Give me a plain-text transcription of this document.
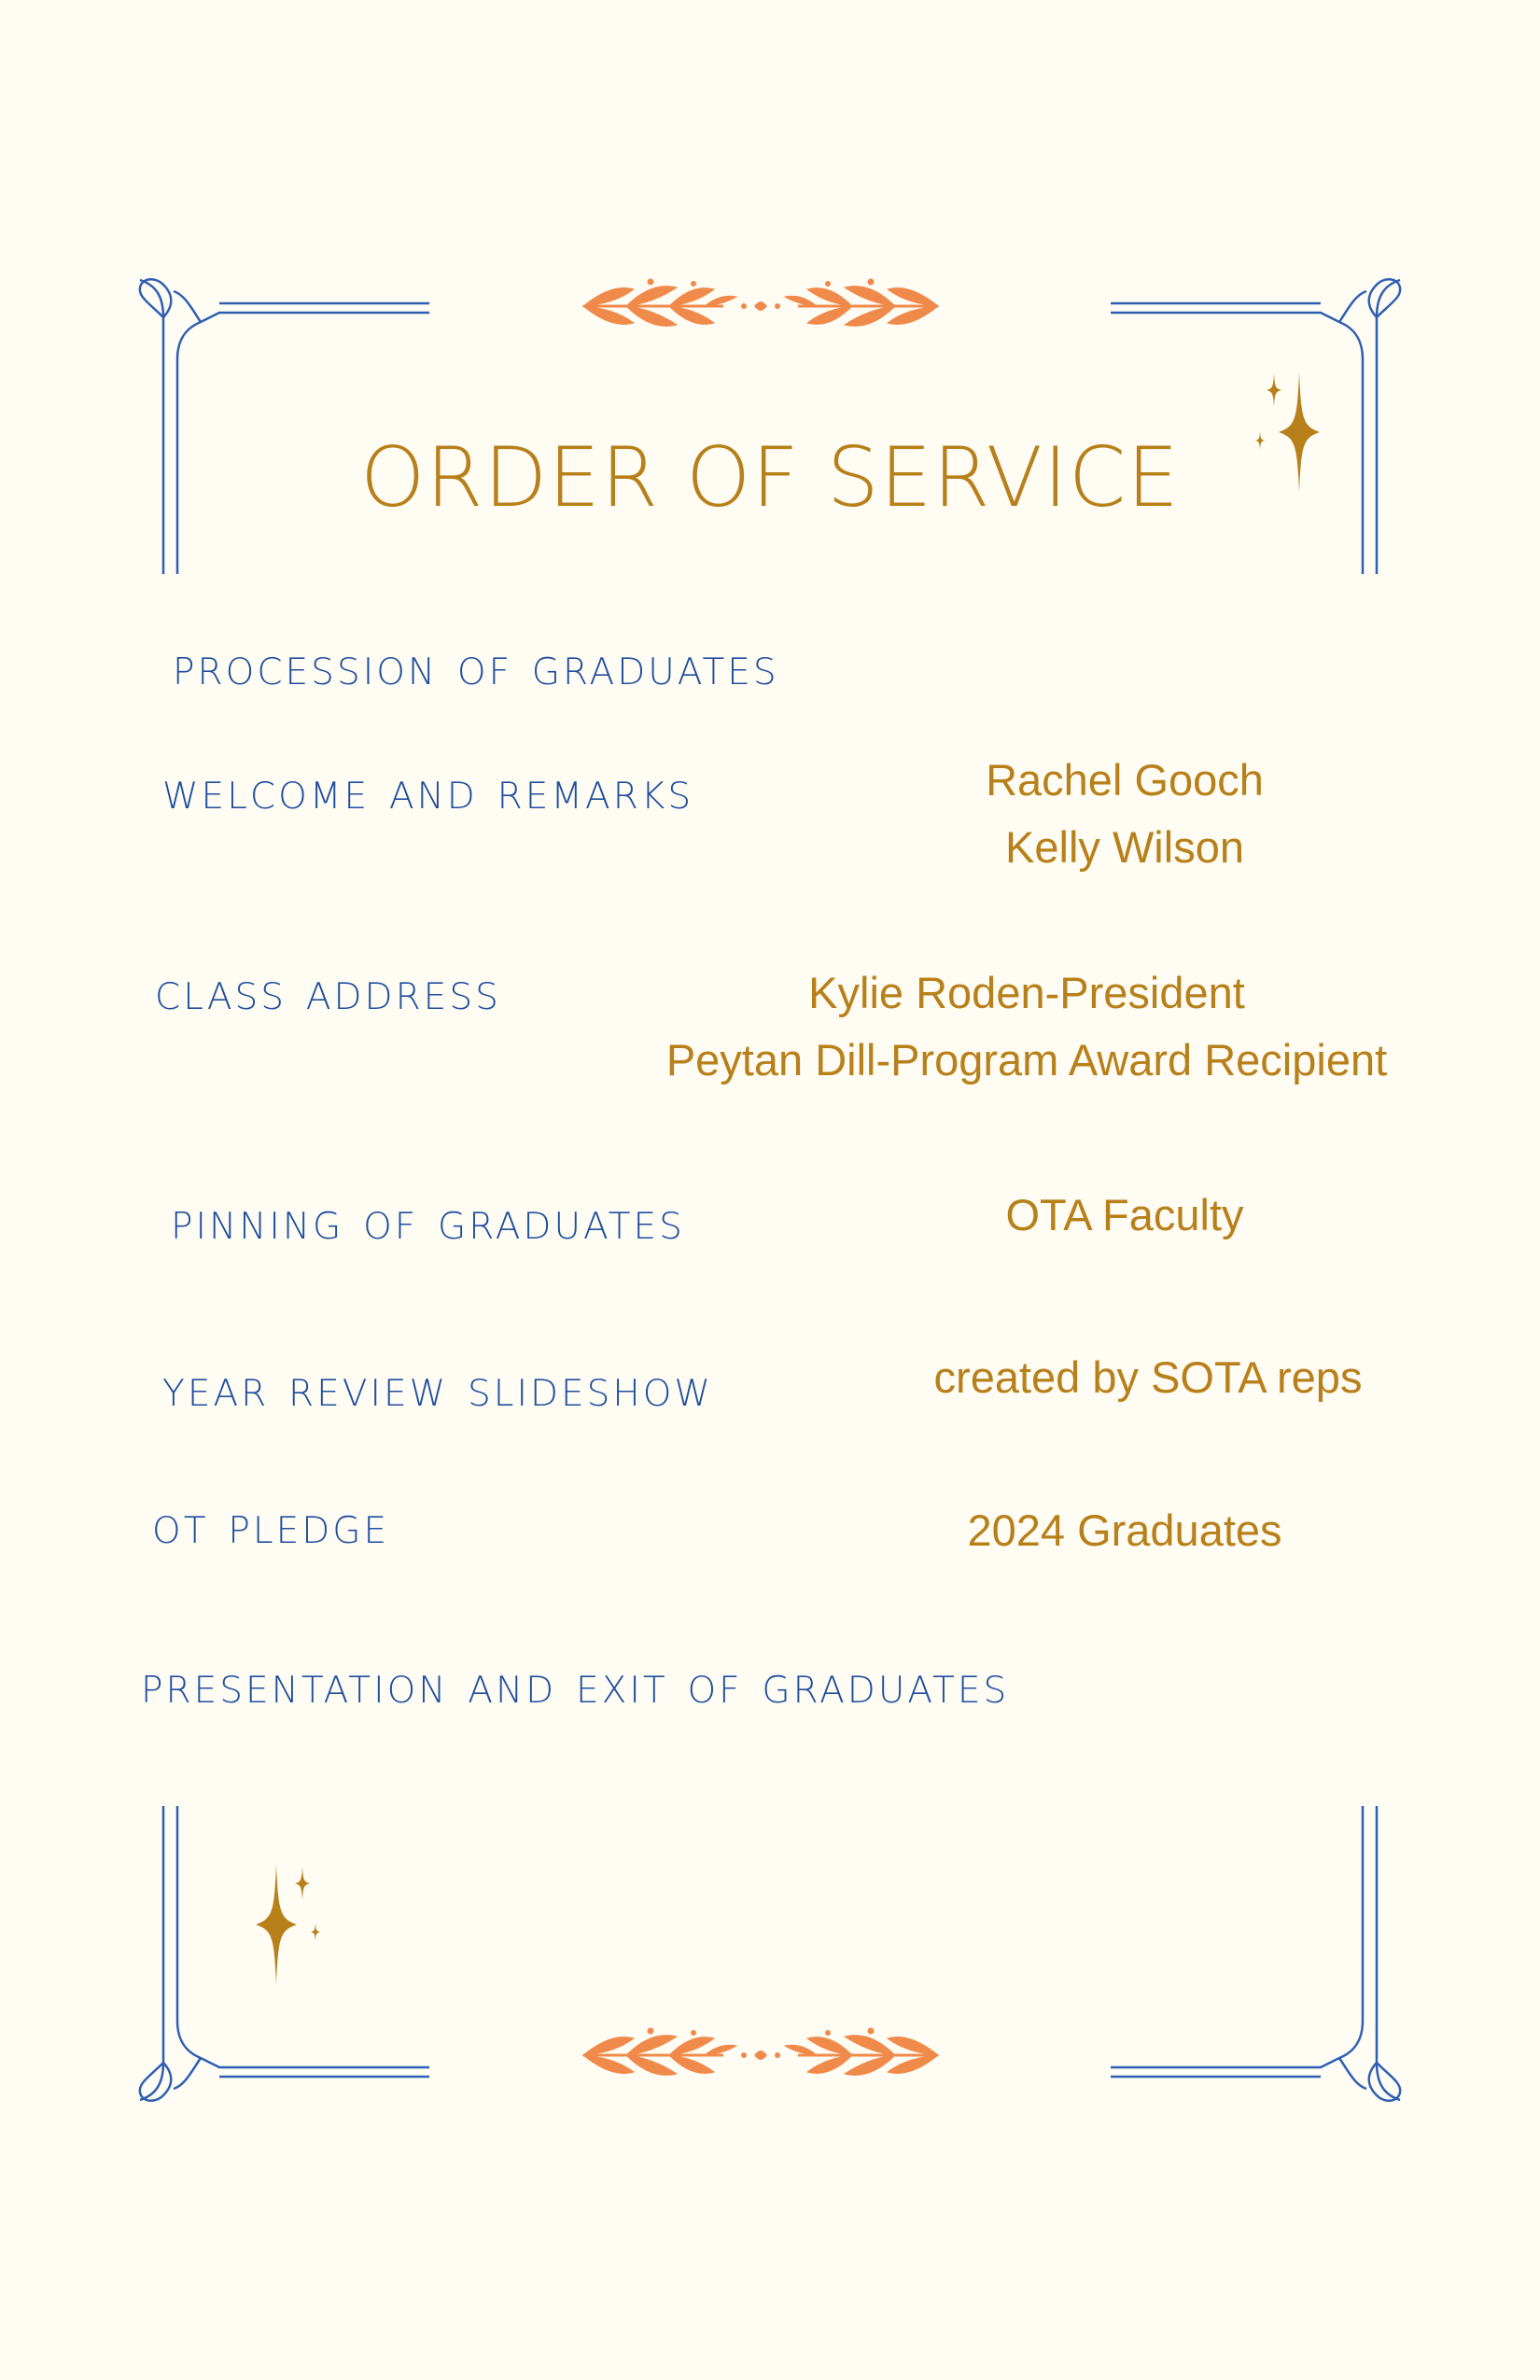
ORDER OF SERVICE
procession of graduates
welcome and remarks	Rachel Gooch
Kelly Wilson
class address	Kylie Roden-President
Peytan Dill-Program Award Recipient
pinning of graduates	OTA Faculty
year review slideshow	created by SOTA reps
ot pledge	2024 Graduates
presentation and exit of graduates
